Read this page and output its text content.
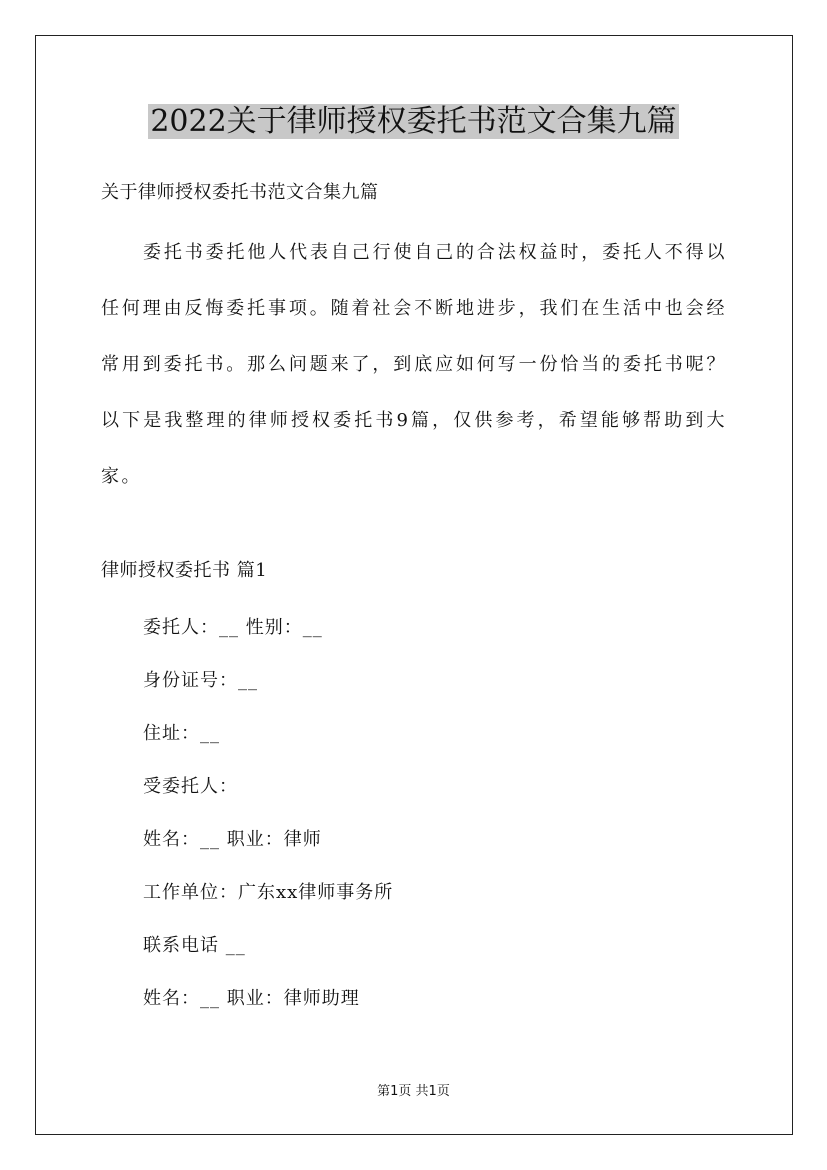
2022关于律师授权委托书范文合集九篇
关于律师授权委托书范文合集九篇

委托书委托他人代表自己行使自己的合法权益时，委托人不得以任何理由反悔委托事项。随着社会不断地进步，我们在生活中也会经常用到委托书。那么问题来了，到底应如何写一份恰当的委托书呢？以下是我整理的律师授权委托书9篇，仅供参考，希望能够帮助到大家。

律师授权委托书 篇1
委托人：__ 性别：__
身份证号：__
住址：__
受委托人：
姓名：__ 职业：律师
工作单位：广东xx律师事务所
联系电话 __
姓名：__ 职业：律师助理
第1页 共1页
